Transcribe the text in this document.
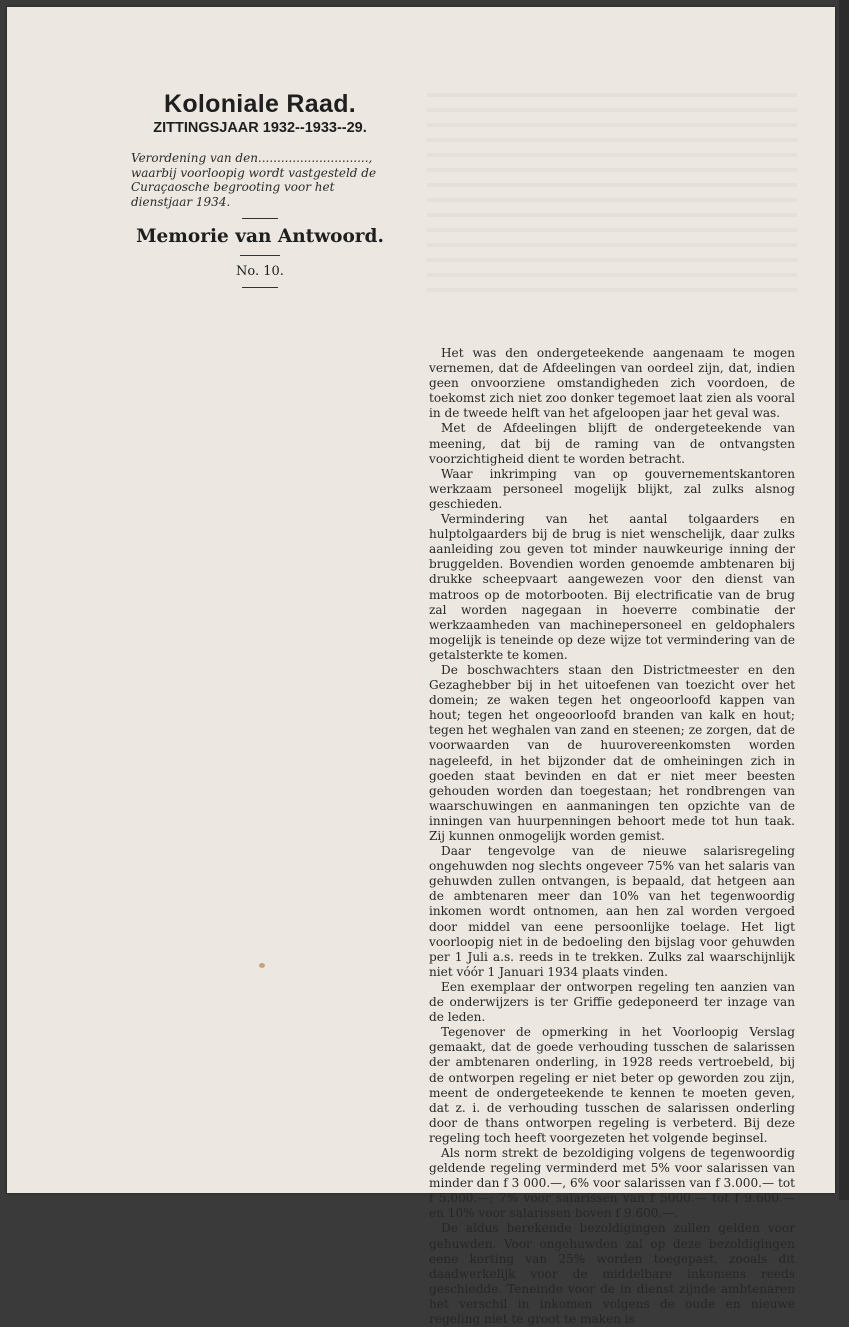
Koloniale Raad.
ZITTINGSJAAR 1932--1933--29.
Verordening van den............................., waarbij voorloopig wordt vastgesteld de Curaçaosche begrooting voor het dienstjaar 1934.
Memorie van Antwoord.
No. 10.

Het was den ondergeteekende aangenaam te mogen vernemen, dat de Afdeelingen van oordeel zijn, dat, indien geen onvoorziene omstandigheden zich voordoen, de toekomst zich niet zoo donker tegemoet laat zien als vooral in de tweede helft van het afgeloopen jaar het geval was.

Met de Afdeelingen blijft de ondergeteekende van meening, dat bij de raming van de ontvangsten voorzichtigheid dient te worden betracht.

Waar inkrimping van op gouvernementskantoren werkzaam personeel mogelijk blijkt, zal zulks alsnog geschieden.

Vermindering van het aantal tolgaarders en hulptolgaarders bij de brug is niet wenschelijk, daar zulks aanleiding zou geven tot minder nauwkeurige inning der bruggelden. Bovendien worden genoemde ambtenaren bij drukke scheepvaart aangewezen voor den dienst van matroos op de motorbooten. Bij electrificatie van de brug zal worden nagegaan in hoeverre combinatie der werkzaamheden van machinepersoneel en geldophalers mogelijk is teneinde op deze wijze tot vermindering van de getalsterkte te komen.

De boschwachters staan den Districtmeester en den Gezaghebber bij in het uitoefenen van toezicht over het domein; ze waken tegen het ongeoorloofd kappen van hout; tegen het ongeoorloofd branden van kalk en hout; tegen het weghalen van zand en steenen; ze zorgen, dat de voorwaarden van de huurovereenkomsten worden nageleefd, in het bijzonder dat de omheiningen zich in goeden staat bevinden en dat er niet meer beesten gehouden worden dan toegestaan; het rondbrengen van waarschuwingen en aanmaningen ten opzichte van de inningen van huurpenningen behoort mede tot hun taak. Zij kunnen onmogelijk worden gemist.

Daar tengevolge van de nieuwe salarisregeling ongehuwden nog slechts ongeveer 75% van het salaris van gehuwden zullen ontvangen, is bepaald, dat hetgeen aan de ambtenaren meer dan 10% van het tegenwoordig inkomen wordt ontnomen, aan hen zal worden vergoed door middel van eene persoonlijke toelage. Het ligt voorloopig niet in de bedoeling den bijslag voor gehuwden per 1 Juli a.s. reeds in te trekken. Zulks zal waarschijnlijk niet vóór 1 Januari 1934 plaats vinden.

Een exemplaar der ontworpen regeling ten aanzien van de onderwijzers is ter Griffie gedeponeerd ter inzage van de leden.

Tegenover de opmerking in het Voorloopig Verslag gemaakt, dat de goede verhouding tusschen de salarissen der ambtenaren onderling, in 1928 reeds vertroebeld, bij de ontworpen regeling er niet beter op geworden zou zijn, meent de ondergeteekende te kennen te moeten geven, dat z. i. de verhouding tusschen de salarissen onderling door de thans ontworpen regeling is verbeterd. Bij deze regeling toch heeft voorgezeten het volgende beginsel.

Als norm strekt de bezoldiging volgens de tegenwoordig geldende regeling verminderd met 5% voor salarissen van minder dan f 3 000.—, 6% voor salarissen van f 3.000.— tot f 5.000.—; 7% voor salarissen van f 5000.— tot f 9.600.— en 10% voor salarissen boven f 9.600.—.

De aldus berekende bezoldigingen zullen gelden voor gehuwden. Voor ongehuwden zal op deze bezoldigingen eene korting van 25% worden toegepast, zooals dit daadwerkelijk voor de middelbare inkomens reeds geschiedde. Teneinde voor de in dienst zijnde ambtenaren het verschil in inkomen volgens de oude en nieuwe regeling niet te groot te maken is
